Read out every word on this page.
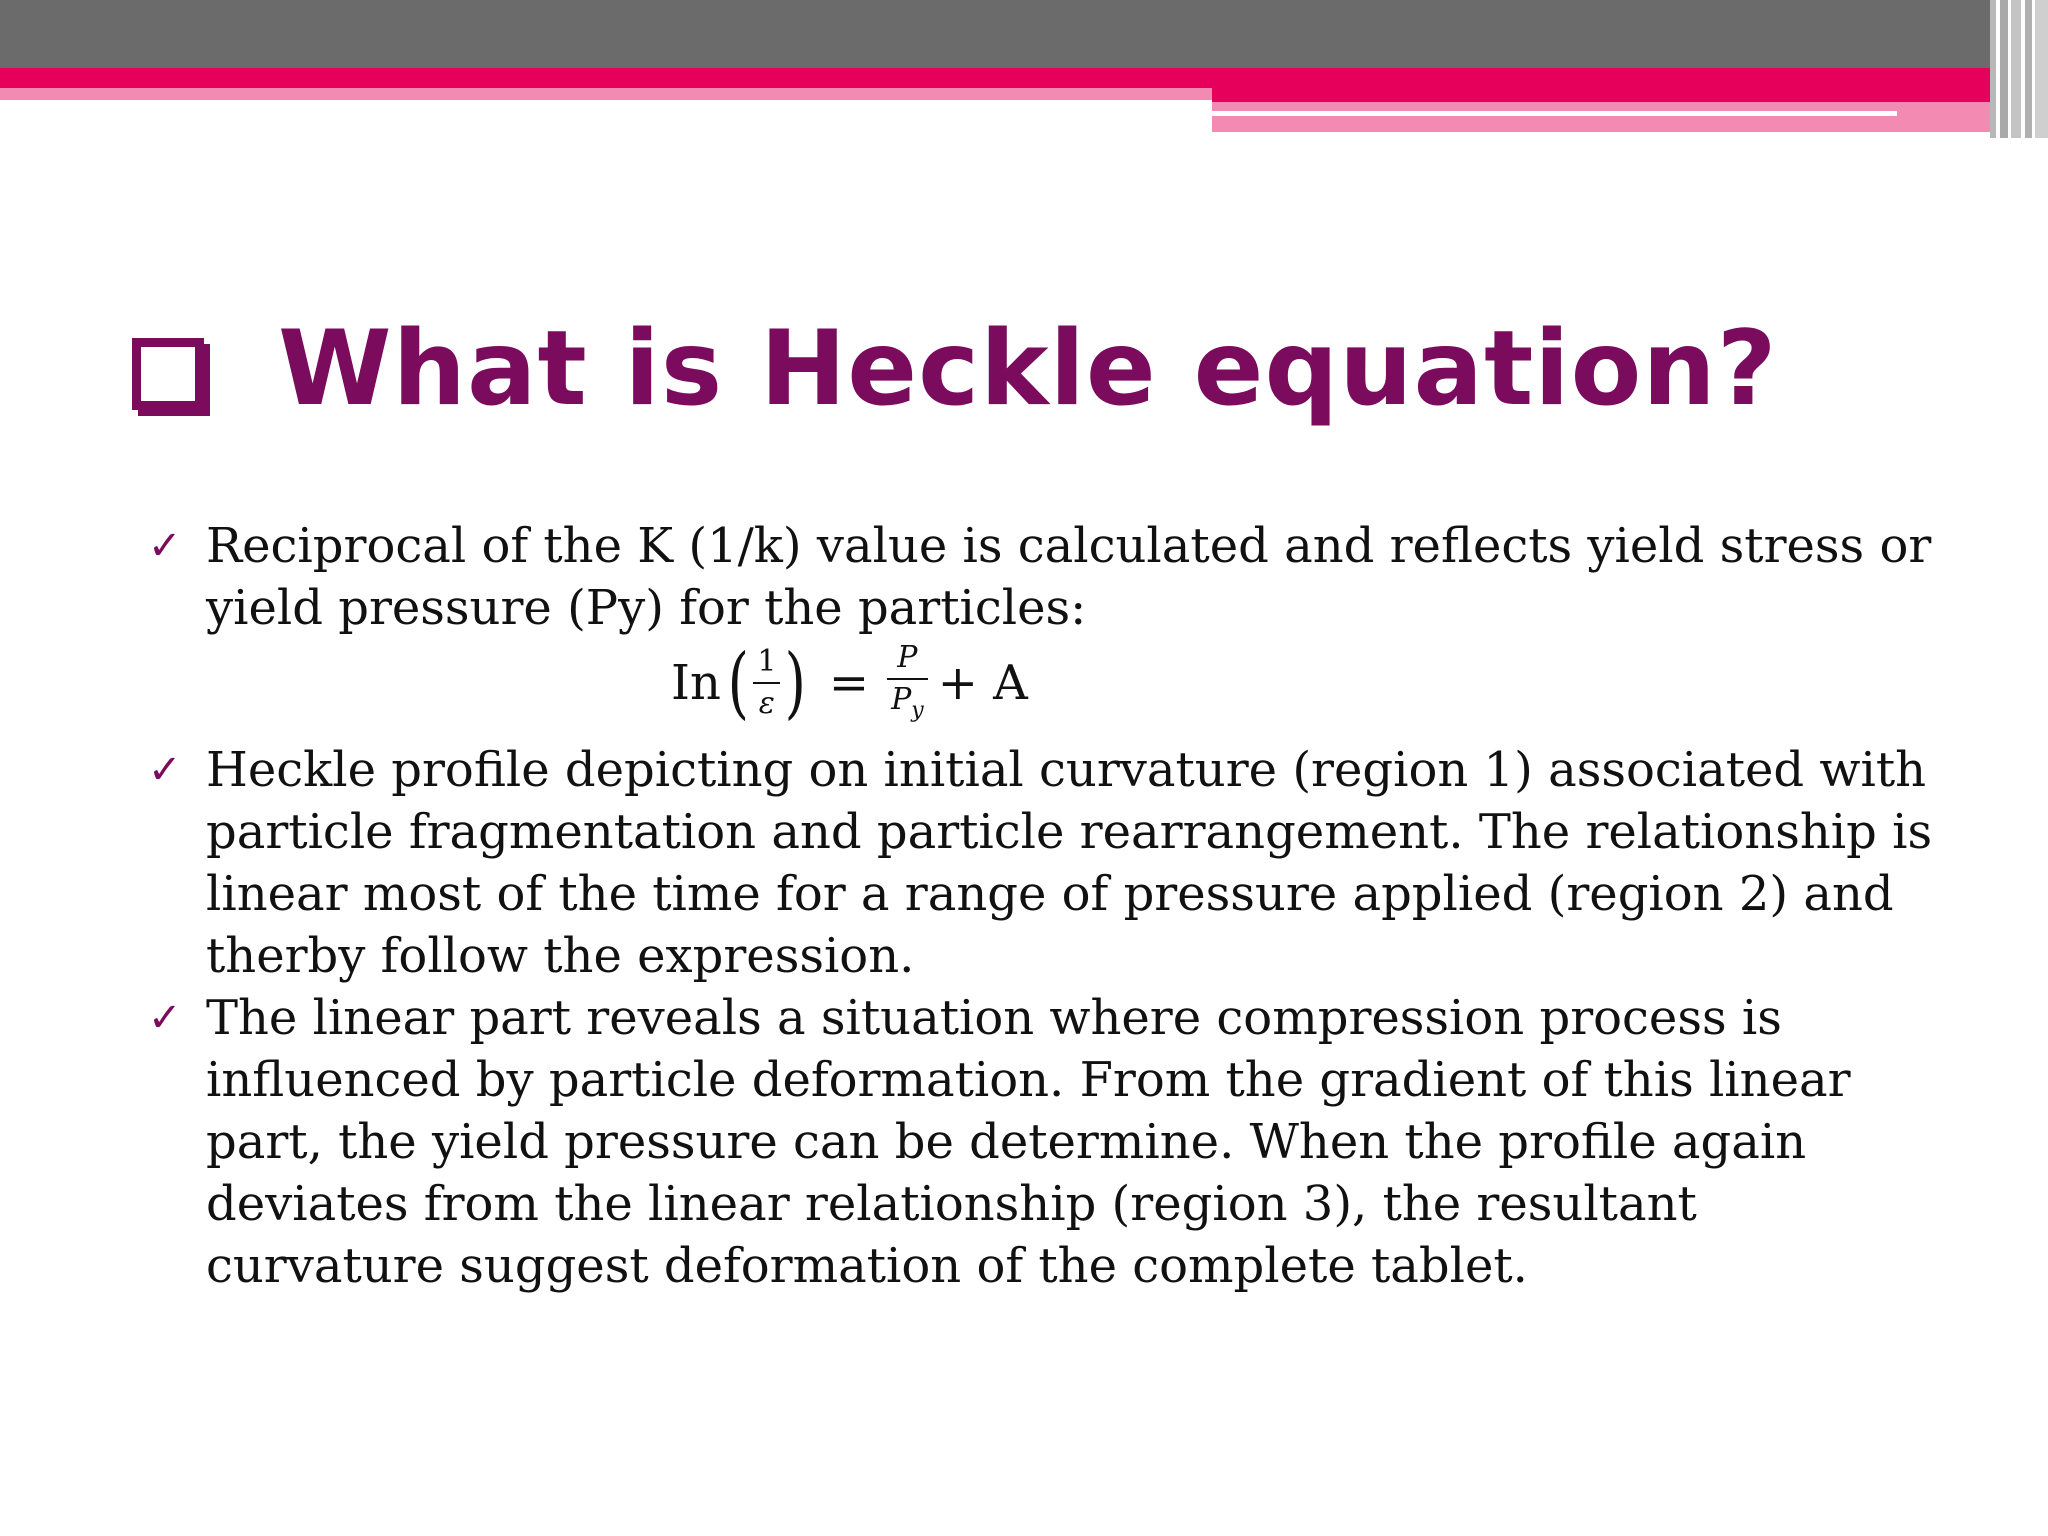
What is Heckle equation?
✓ Reciprocal of the K (1/k) value is calculated and reflects yield stress or yield pressure (Py) for the particles:
In ( $\frac{1}{\varepsilon}$ ) = $\frac{P}{P_y} + A$
✓ Heckle profile depicting on initial curvature (region 1) associated with particle fragmentation and particle rearrangement. The relationship is linear most of the time for a range of pressure applied (region 2) and therby follow the expression.
✓ The linear part reveals a situation where compression process is influenced by particle deformation. From the gradient of this linear part, the yield pressure can be determine. When the profile again deviates from the linear relationship (region 3), the resultant curvature suggest deformation of the complete tablet.
